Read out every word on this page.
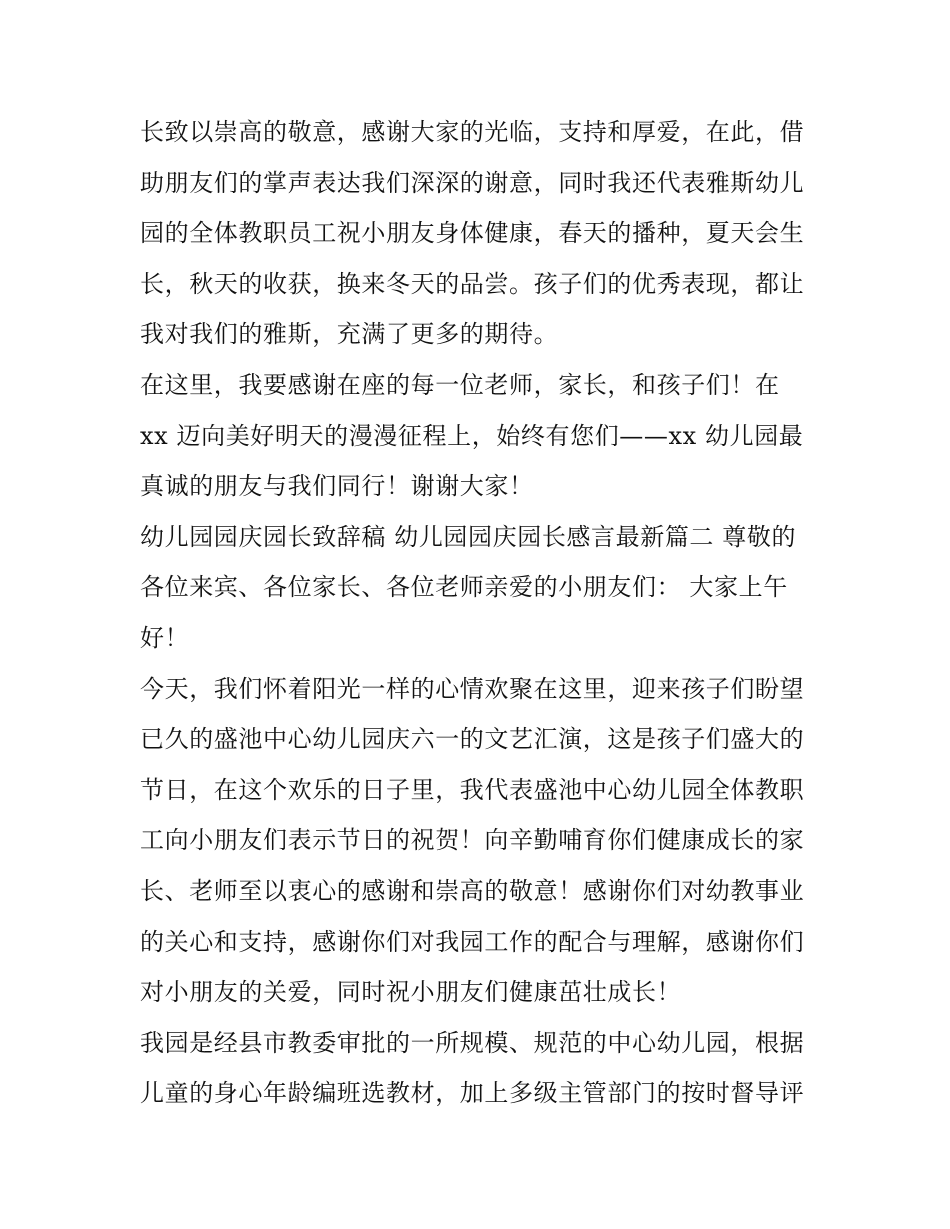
长致以崇高的敬意，感谢大家的光临，支持和厚爱，在此，借
助朋友们的掌声表达我们深深的谢意，同时我还代表雅斯幼儿
园的全体教职员工祝小朋友身体健康，春天的播种，夏天会生
长，秋天的收获，换来冬天的品尝。孩子们的优秀表现，都让
我对我们的雅斯，充满了更多的期待。
在这里，我要感谢在座的每一位老师，家长，和孩子们！在
xx 迈向美好明天的漫漫征程上，始终有您们——xx 幼儿园最
真诚的朋友与我们同行！谢谢大家！
幼儿园园庆园长致辞稿 幼儿园园庆园长感言最新篇二 尊敬的
各位来宾、各位家长、各位老师亲爱的小朋友们： 大家上午
好！
今天，我们怀着阳光一样的心情欢聚在这里，迎来孩子们盼望
已久的盛池中心幼儿园庆六一的文艺汇演，这是孩子们盛大的
节日，在这个欢乐的日子里，我代表盛池中心幼儿园全体教职
工向小朋友们表示节日的祝贺！向辛勤哺育你们健康成长的家
长、老师至以衷心的感谢和崇高的敬意！感谢你们对幼教事业
的关心和支持，感谢你们对我园工作的配合与理解，感谢你们
对小朋友的关爱，同时祝小朋友们健康茁壮成长！
我园是经县市教委审批的一所规模、规范的中心幼儿园，根据
儿童的身心年龄编班选教材，加上多级主管部门的按时督导评
